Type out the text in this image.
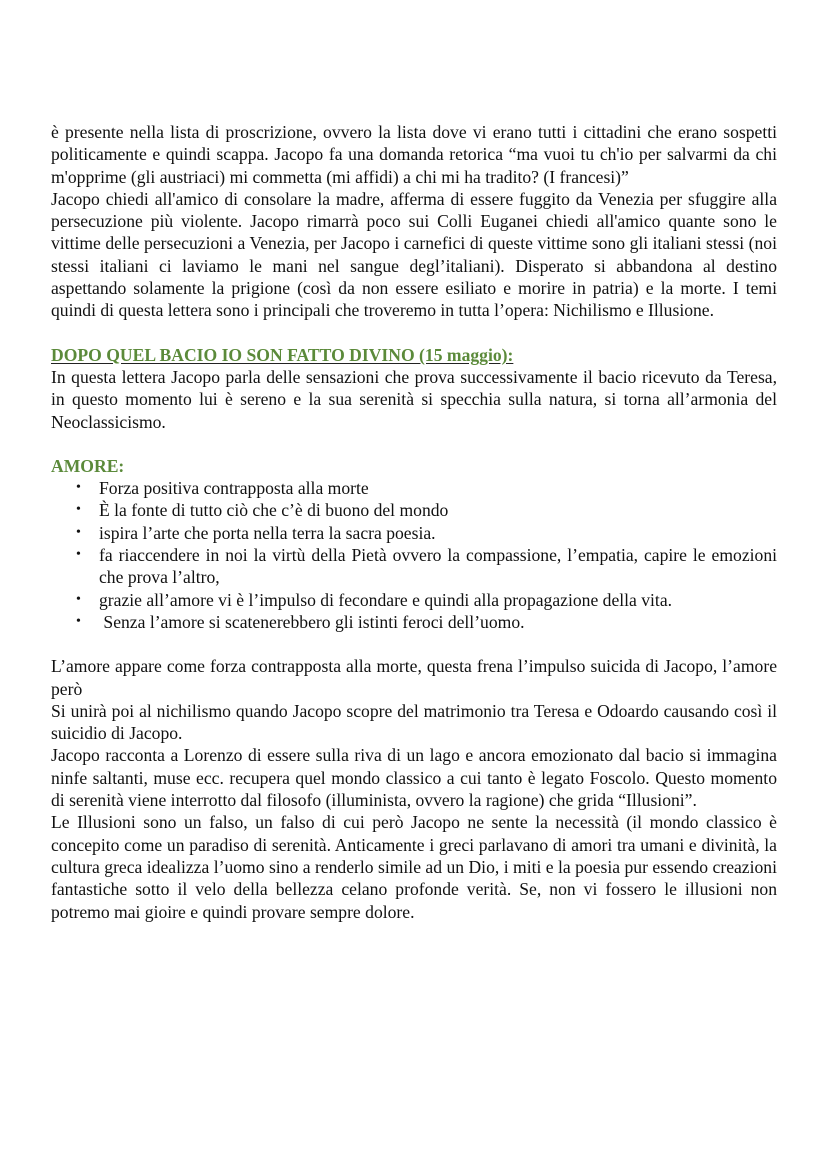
è presente nella lista di proscrizione, ovvero la lista dove vi erano tutti i cittadini che erano sospetti politicamente e quindi scappa. Jacopo fa una domanda retorica “ma vuoi tu ch'io per salvarmi da chi m'opprime (gli austriaci) mi commetta (mi affidi) a chi mi ha tradito? (I francesi)”

Jacopo chiedi all'amico di consolare la madre, afferma di essere fuggito da Venezia per sfuggire alla persecuzione più violente. Jacopo rimarrà poco sui Colli Euganei chiedi all'amico quante sono le vittime delle persecuzioni a Venezia, per Jacopo i carnefici di queste vittime sono gli italiani stessi (noi stessi italiani ci laviamo le mani nel sangue degl’italiani). Disperato si abbandona al destino aspettando solamente la prigione (così da non essere esiliato e morire in patria) e la morte. I temi quindi di questa lettera sono i principali che troveremo in tutta l’opera: Nichilismo e Illusione.

DOPO QUEL BACIO IO SON FATTO DIVINO (15 maggio):

In questa lettera Jacopo parla delle sensazioni che prova successivamente il bacio ricevuto da Teresa, in questo momento lui è sereno e la sua serenità si specchia sulla natura, si torna all’armonia del Neoclassicismo.

AMORE:

• Forza positiva contrapposta alla morte
• È la fonte di tutto ciò che c’è di buono del mondo
• ispira l’arte che porta nella terra la sacra poesia.
• fa riaccendere in noi la virtù della Pietà ovvero la compassione, l’empatia, capire le emozioni che prova l’altro,
• grazie all’amore vi è l’impulso di fecondare e quindi alla propagazione della vita.
• Senza l’amore si scatenerebbero gli istinti feroci dell’uomo.

L’amore appare come forza contrapposta alla morte, questa frena l’impulso suicida di Jacopo, l’amore però

Si unirà poi al nichilismo quando Jacopo scopre del matrimonio tra Teresa e Odoardo causando così il suicidio di Jacopo.

Jacopo racconta a Lorenzo di essere sulla riva di un lago e ancora emozionato dal bacio si immagina ninfe saltanti, muse ecc. recupera quel mondo classico a cui tanto è legato Foscolo. Questo momento di serenità viene interrotto dal filosofo (illuminista, ovvero la ragione) che grida “Illusioni”.

Le Illusioni sono un falso, un falso di cui però Jacopo ne sente la necessità (il mondo classico è concepito come un paradiso di serenità. Anticamente i greci parlavano di amori tra umani e divinità, la cultura greca idealizza l’uomo sino a renderlo simile ad un Dio, i miti e la poesia pur essendo creazioni fantastiche sotto il velo della bellezza celano profonde verità. Se, non vi fossero le illusioni non potremo mai gioire e quindi provare sempre dolore.
